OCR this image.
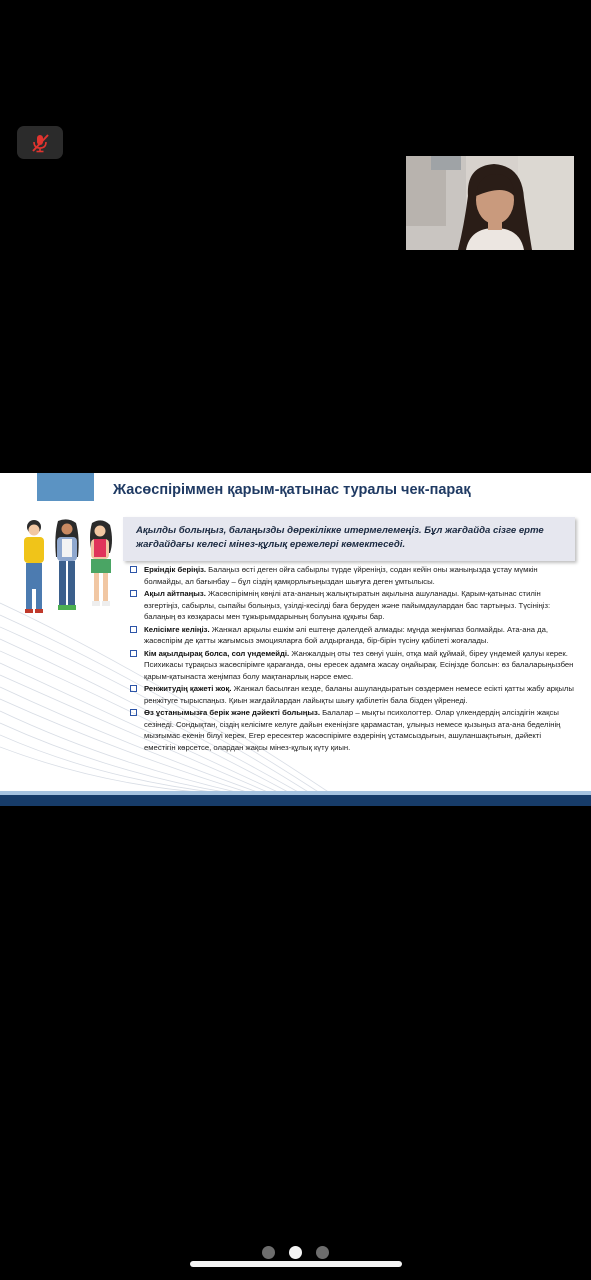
Жасөспіріммен қарым-қатынас туралы чек-парақ

Ақылды болыңыз, балаңызды дөрекілікке итермелемеңіз. Бұл жағдайда сізге ерте жағдайдағы келесі мінез-құлық ережелері көмектеседі.

Еркіндік беріңіз. Балаңыз өсті деген ойға сабырлы түрде үйреніңіз, содан кейін оны жаныңызда ұстау мүмкін болмайды, ал бағынбау – бұл сіздің қамқорлығыңыздан шығуға деген ұмтылысы.
Ақыл айтпаңыз. Жасөспірімнің көңілі ата-ананың жалықтыратын ақылына ашуланады. Қарым-қатынас стилін өзгертіңіз, сабырлы, сыпайы болыңыз, үзілді-кесілді баға беруден және пайымдаулардан бас тартыңыз. Түсініңіз: балаңың өз көзқарасы мен тұжырымдарының болуына құқығы бар.
Келісімге келіңіз. Жанжал арқылы ешкім әлі ештеңе дәлелдей алмады: мұнда жеңімпаз болмайды. Ата-ана да, жасөспірім де қатты жағымсыз эмоцияларға бой алдырғанда, бір-бірін түсіну қабілеті жоғалады.
Кім ақылдырақ болса, сол үндемейді. Жанжалдың оты тез сөнуі үшін, отқа май құймай, біреу үндемей қалуы керек. Психикасы тұрақсыз жасөспірімге қарағанда, оны ересек адамға жасау оңайырақ. Есіңізде болсын: өз балаларыңызбен қарым-қатынаста жеңімпаз болу мақтанарлық нәрсе емес.
Ренжитудің қажеті жоқ. Жанжал басылған кезде, баланы ашуландыратын сөздермен немесе есікті қатты жабу арқылы ренжітуге тырыспаңыз. Қиын жағдайлардан лайықты шығу қабілетін бала бізден үйренеді.
Өз ұстанымызға берік және дәйекті болыңыз. Балалар – мықты психологтер. Олар үлкендердің әлсіздігін жақсы сезінеді. Сондықтан, сіздің келісімге келуге дайын екеніңізге қарамастан, ұлыңыз немесе қызыңыз ата-ана беделінің мызғымас екенін білуі керек. Егер ересектер жасөспірімге өздерінің ұстамсыздығын, ашуланшақтығын, дәйекті еместігін көрсетсе, олардан жақсы мінез-құлық күту қиын.
